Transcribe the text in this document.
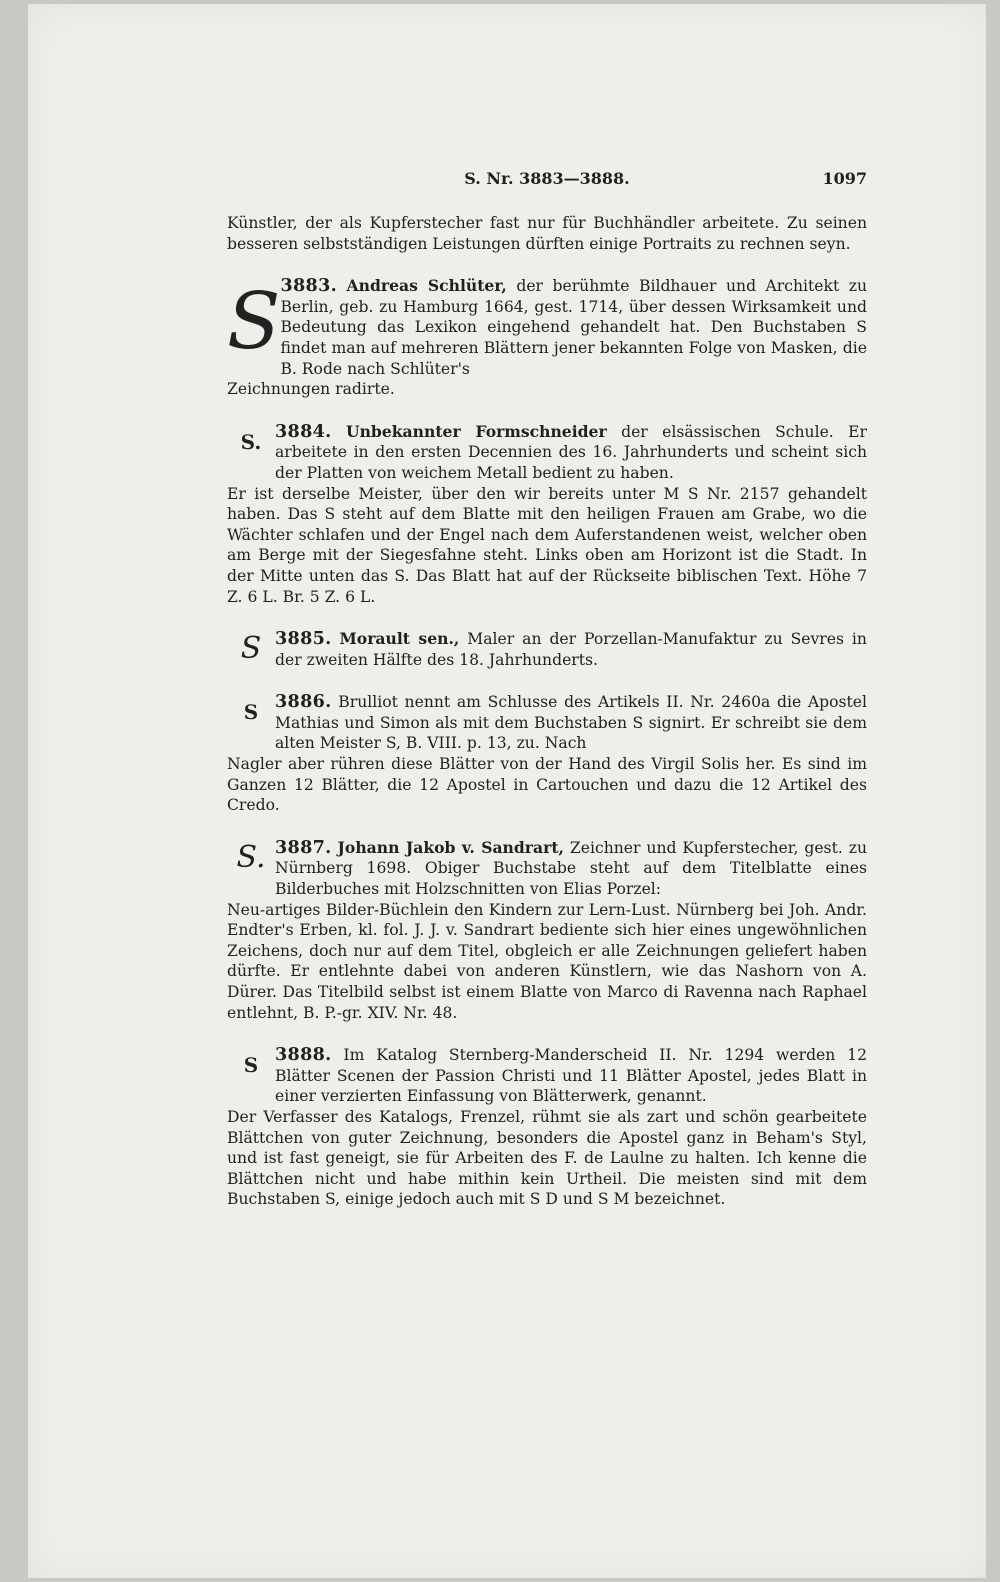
S. Nr. 3883—3888.	1097

Künstler, der als Kupferstecher fast nur für Buchhändler arbeitete. Zu seinen besseren selbstständigen Leistungen dürften einige Portraits zu rechnen seyn.

S 3883. Andreas Schlüter, der berühmte Bildhauer und Architekt zu Berlin, geb. zu Hamburg 1664, gest. 1714, über dessen Wirksamkeit und Bedeutung das Lexikon eingehend gehandelt hat. Den Buchstaben S findet man auf mehreren Blättern jener bekannten Folge von Masken, die B. Rode nach Schlüter's

Zeichnungen radirte.

S. 3884. Unbekannter Formschneider der elsässischen Schule. Er arbeitete in den ersten Decennien des 16. Jahrhunderts und scheint sich der Platten von weichem Metall bedient zu haben.

Er ist derselbe Meister, über den wir bereits unter M S Nr. 2157 gehandelt haben. Das S steht auf dem Blatte mit den heiligen Frauen am Grabe, wo die Wächter schlafen und der Engel nach dem Auferstandenen weist, welcher oben am Berge mit der Siegesfahne steht. Links oben am Horizont ist die Stadt. In der Mitte unten das S. Das Blatt hat auf der Rückseite biblischen Text. Höhe 7 Z. 6 L. Br. 5 Z. 6 L.

S 3885. Morault sen., Maler an der Porzellan-Manufaktur zu Sevres in der zweiten Hälfte des 18. Jahrhunderts.

S 3886. Brulliot nennt am Schlusse des Artikels II. Nr. 2460a die Apostel Mathias und Simon als mit dem Buchstaben S signirt. Er schreibt sie dem alten Meister S, B. VIII. p. 13, zu. Nach

Nagler aber rühren diese Blätter von der Hand des Virgil Solis her. Es sind im Ganzen 12 Blätter, die 12 Apostel in Cartouchen und dazu die 12 Artikel des Credo.

S. 3887. Johann Jakob v. Sandrart, Zeichner und Kupferstecher, gest. zu Nürnberg 1698. Obiger Buchstabe steht auf dem Titelblatte eines Bilderbuches mit Holzschnitten von Elias Porzel:

Neu-artiges Bilder-Büchlein den Kindern zur Lern-Lust. Nürnberg bei Joh. Andr. Endter's Erben, kl. fol. J. J. v. Sandrart bediente sich hier eines ungewöhnlichen Zeichens, doch nur auf dem Titel, obgleich er alle Zeichnungen geliefert haben dürfte. Er entlehnte dabei von anderen Künstlern, wie das Nashorn von A. Dürer. Das Titelbild selbst ist einem Blatte von Marco di Ravenna nach Raphael entlehnt, B. P.-gr. XIV. Nr. 48.

S 3888. Im Katalog Sternberg-Manderscheid II. Nr. 1294 werden 12 Blätter Scenen der Passion Christi und 11 Blätter Apostel, jedes Blatt in einer verzierten Einfassung von Blätterwerk, genannt.

Der Verfasser des Katalogs, Frenzel, rühmt sie als zart und schön gearbeitete Blättchen von guter Zeichnung, besonders die Apostel ganz in Beham's Styl, und ist fast geneigt, sie für Arbeiten des F. de Laulne zu halten. Ich kenne die Blättchen nicht und habe mithin kein Urtheil. Die meisten sind mit dem Buchstaben S, einige jedoch auch mit S D und S M bezeichnet.
